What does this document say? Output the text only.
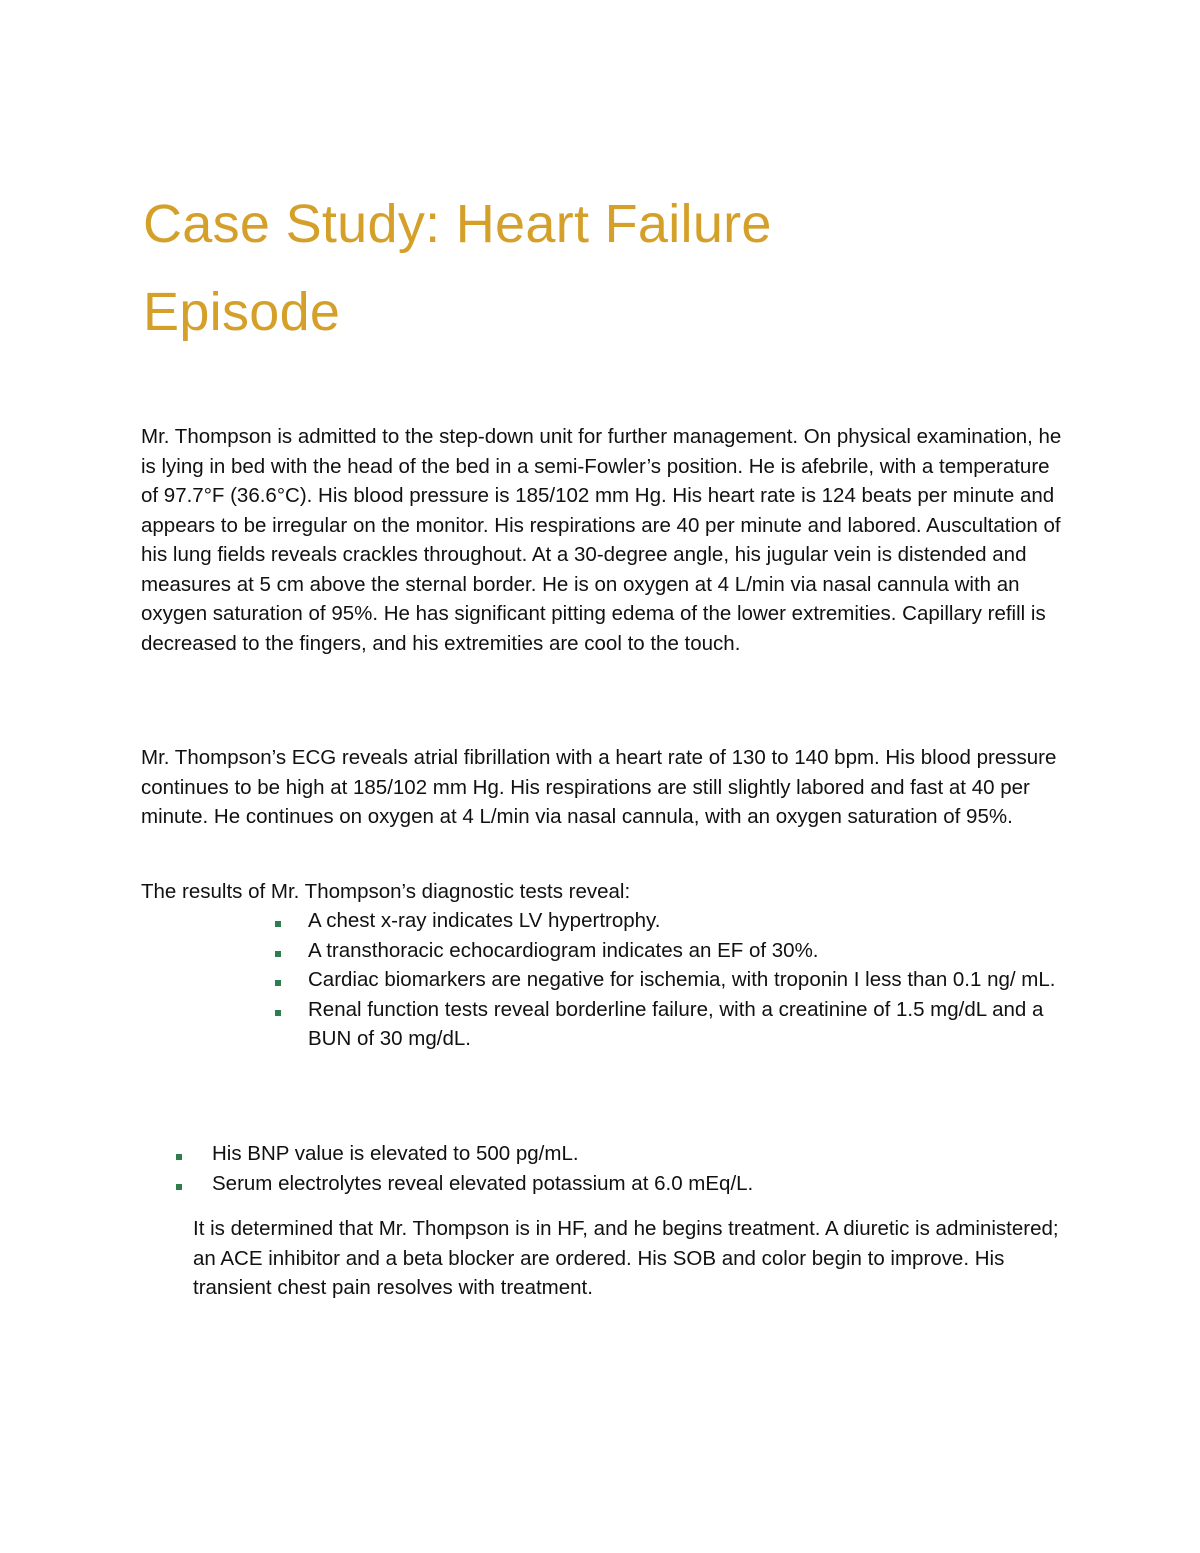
Case Study: Heart Failure
Episode

Mr. Thompson is admitted to the step-down unit for further management. On physical examination, he is lying in bed with the head of the bed in a semi-Fowler’s position. He is afebrile, with a temperature of 97.7°F (36.6°C). His blood pressure is 185/102 mm Hg. His heart rate is 124 beats per minute and appears to be irregular on the monitor. His respirations are 40 per minute and labored. Auscultation of his lung fields reveals crackles throughout. At a 30-degree angle, his jugular vein is distended and measures at 5 cm above the sternal border. He is on oxygen at 4 L/min via nasal cannula with an oxygen saturation of 95%. He has significant pitting edema of the lower extremities. Capillary refill is decreased to the fingers, and his extremities are cool to the touch.

Mr. Thompson’s ECG reveals atrial fibrillation with a heart rate of 130 to 140 bpm. His blood pressure continues to be high at 185/102 mm Hg. His respirations are still slightly labored and fast at 40 per minute. He continues on oxygen at 4 L/min via nasal cannula, with an oxygen saturation of 95%.

The results of Mr. Thompson’s diagnostic tests reveal:

A chest x-ray indicates LV hypertrophy.
A transthoracic echocardiogram indicates an EF of 30%.
Cardiac biomarkers are negative for ischemia, with troponin I less than 0.1 ng/ mL.
Renal function tests reveal borderline failure, with a creatinine of 1.5 mg/dL and a BUN of 30 mg/dL.
His BNP value is elevated to 500 pg/mL.
Serum electrolytes reveal elevated potassium at 6.0 mEq/L.

It is determined that Mr. Thompson is in HF, and he begins treatment. A diuretic is administered; an ACE inhibitor and a beta blocker are ordered. His SOB and color begin to improve. His transient chest pain resolves with treatment.
